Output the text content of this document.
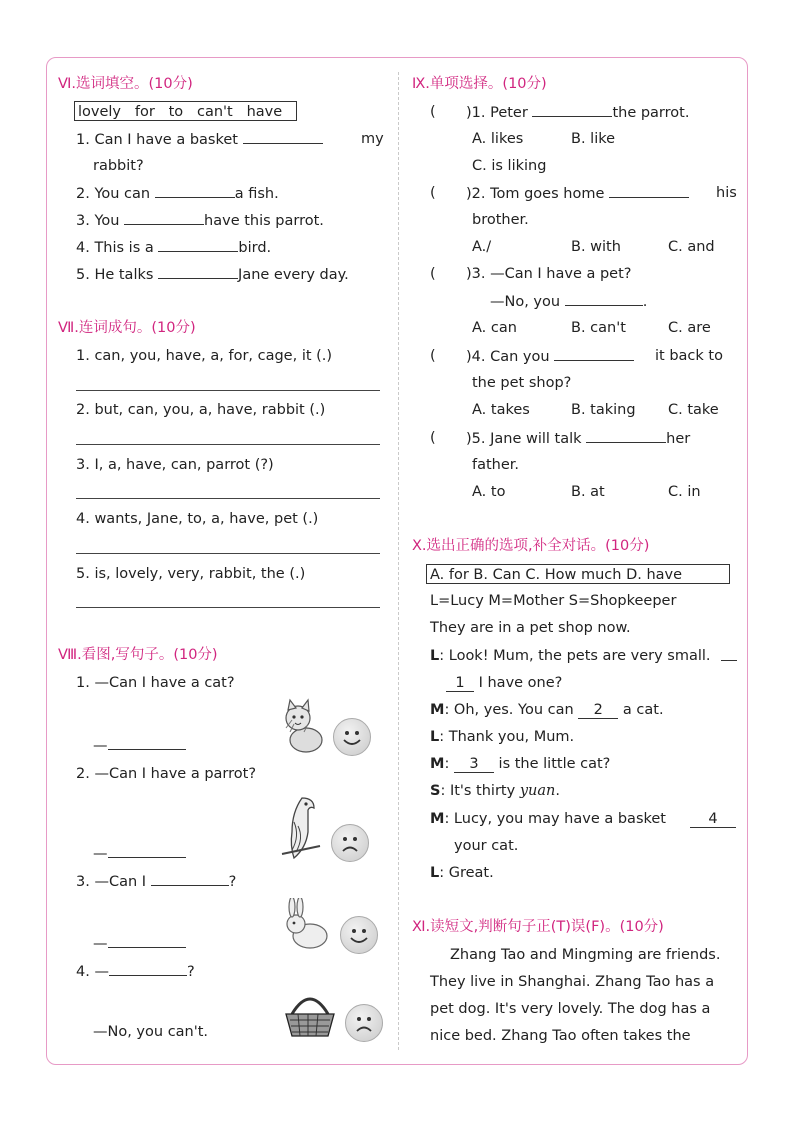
Ⅵ.选词填空。(10分)
lovely for to can't have
1. Can I have a basket	my
rabbit?
2. You can	a fish.
3. You	have this parrot.
4. This is a	bird.
5. He talks	Jane every day.
Ⅶ.连词成句。(10分)
1. can, you, have, a, for, cage, it (.)
2. but, can, you, a, have, rabbit (.)
3. I, a, have, can, parrot (?)
4. wants, Jane, to, a, have, pet (.)
5. is, lovely, very, rabbit, the (.)
Ⅷ.看图,写句子。(10分)
1. —Can I have a cat?
—
2. —Can I have a parrot?
—
3. —Can I	?
—
4. —	?
—No, you can't.
Ⅸ.单项选择。(10分)
( )1. Peter	the parrot.
A. likes	B. like
C. is liking
( )2. Tom goes home	his
brother.
A./	B. with	C. and
( )3. —Can I have a pet?
—No, you	.
A. can	B. can't	C. are
( )4. Can you	it back to
the pet shop?
A. takes	B. taking C. take
( )5. Jane will talk	her
father.
A. to	B. at	C. in
Ⅹ.选出正确的选项,补全对话。(10分)
A. for B. Can C. How much D. have
L=Lucy M=Mother S=Shopkeeper
They are in a pet shop now.
L: Look! Mum, the pets are very small.
1 I have one?
M: Oh, yes. You can 2 a cat.
L: Thank you, Mum.
M: 3 is the little cat?
S: It's thirty yuan.
M: Lucy, you may have a basket	4
your cat.
L: Great.
Ⅺ.读短文,判断句子正(T)误(F)。(10分)
Zhang Tao and Mingming are friends.
They live in Shanghai. Zhang Tao has a
pet dog. It's very lovely. The dog has a
nice bed. Zhang Tao often takes the
